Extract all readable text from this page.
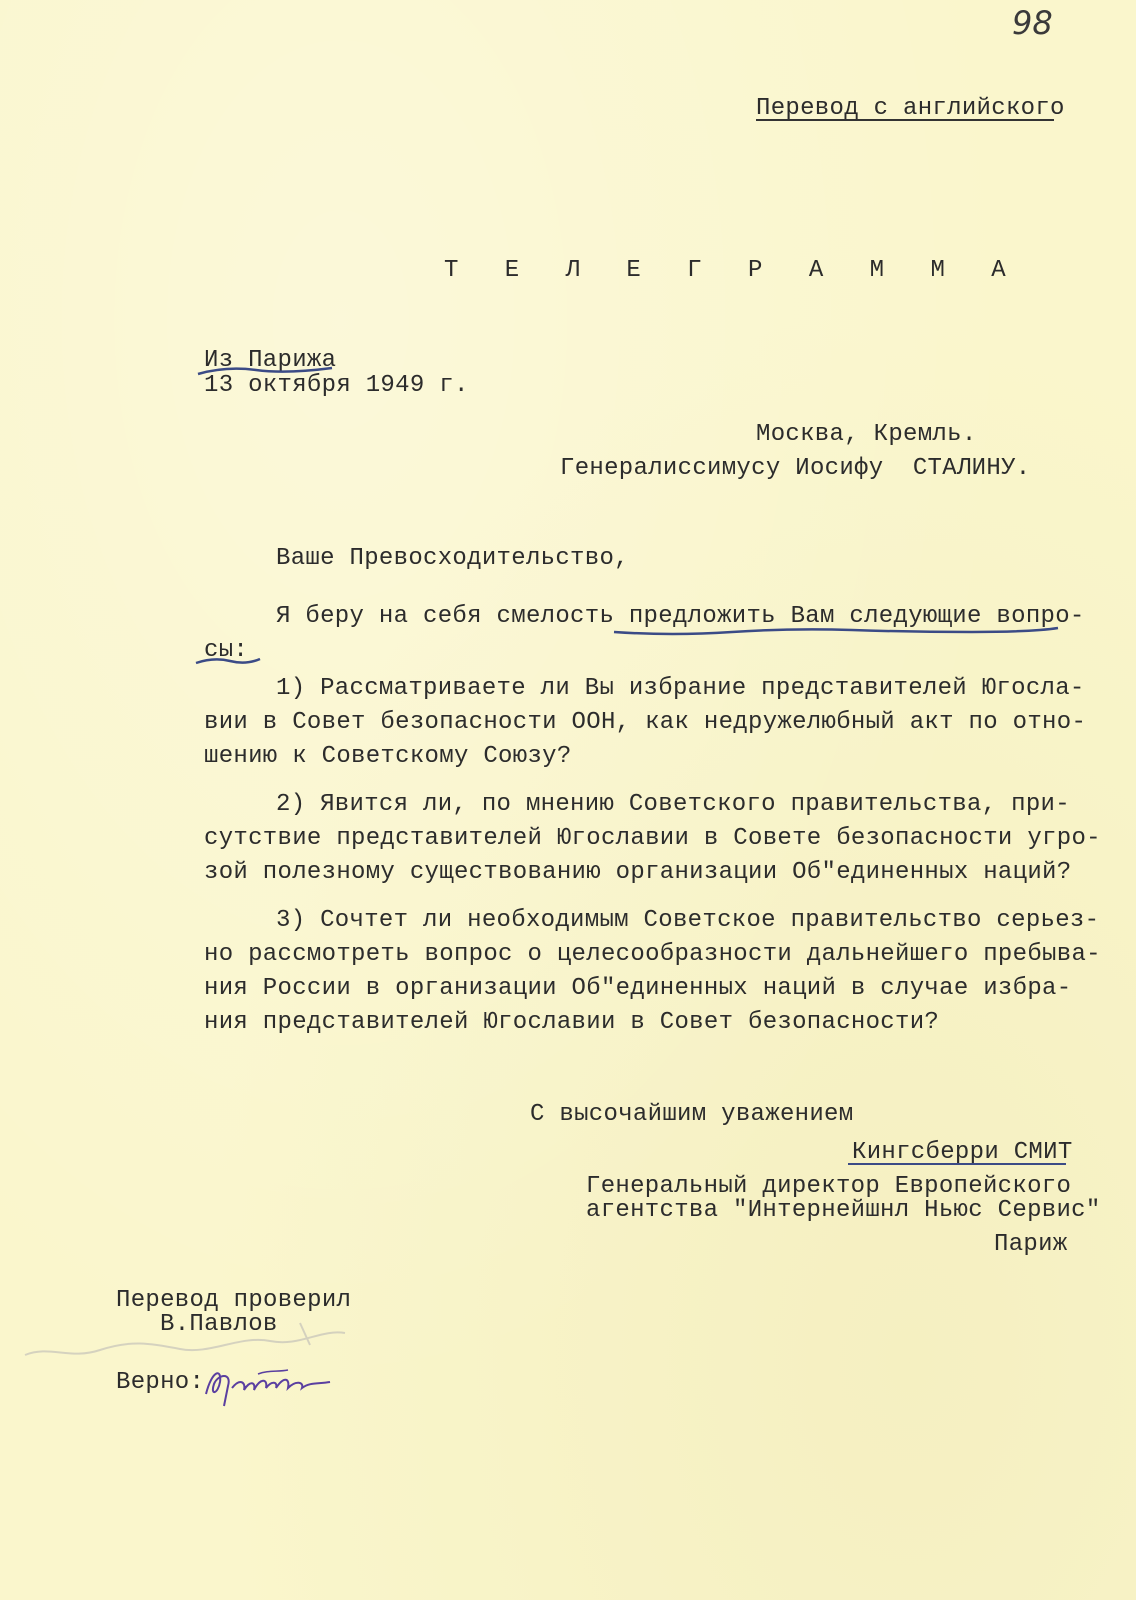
98
Перевод с английского
Т Е Л Е Г Р А М М А
Из Парижа
13 октября 1949 г.
Москва, Кремль.
Генералиссимусу Иосифу  СТАЛИНУ.
Ваше Превосходительство,
Я беру на себя смелость предложить Вам следующие вопро-
сы:
1) Рассматриваете ли Вы избрание представителей Югосла-
вии в Совет безопасности ООН, как недружелюбный акт по отно-
шению к Советскому Союзу?
2) Явится ли, по мнению Советского правительства, при-
сутствие представителей Югославии в Совете безопасности угро-
зой полезному существованию организации Об"единенных наций?
3) Сочтет ли необходимым Советское правительство серьез-
но рассмотреть вопрос о целесообразности дальнейшего пребыва-
ния России в организации Об"единенных наций в случае избра-
ния представителей Югославии в Совет безопасности?
С высочайшим уважением
Кингсберри СМИТ
Генеральный директор Европейского
агентства "Интернейшнл Ньюс Сервис"
Париж
Перевод проверил
В.Павлов
Верно:
